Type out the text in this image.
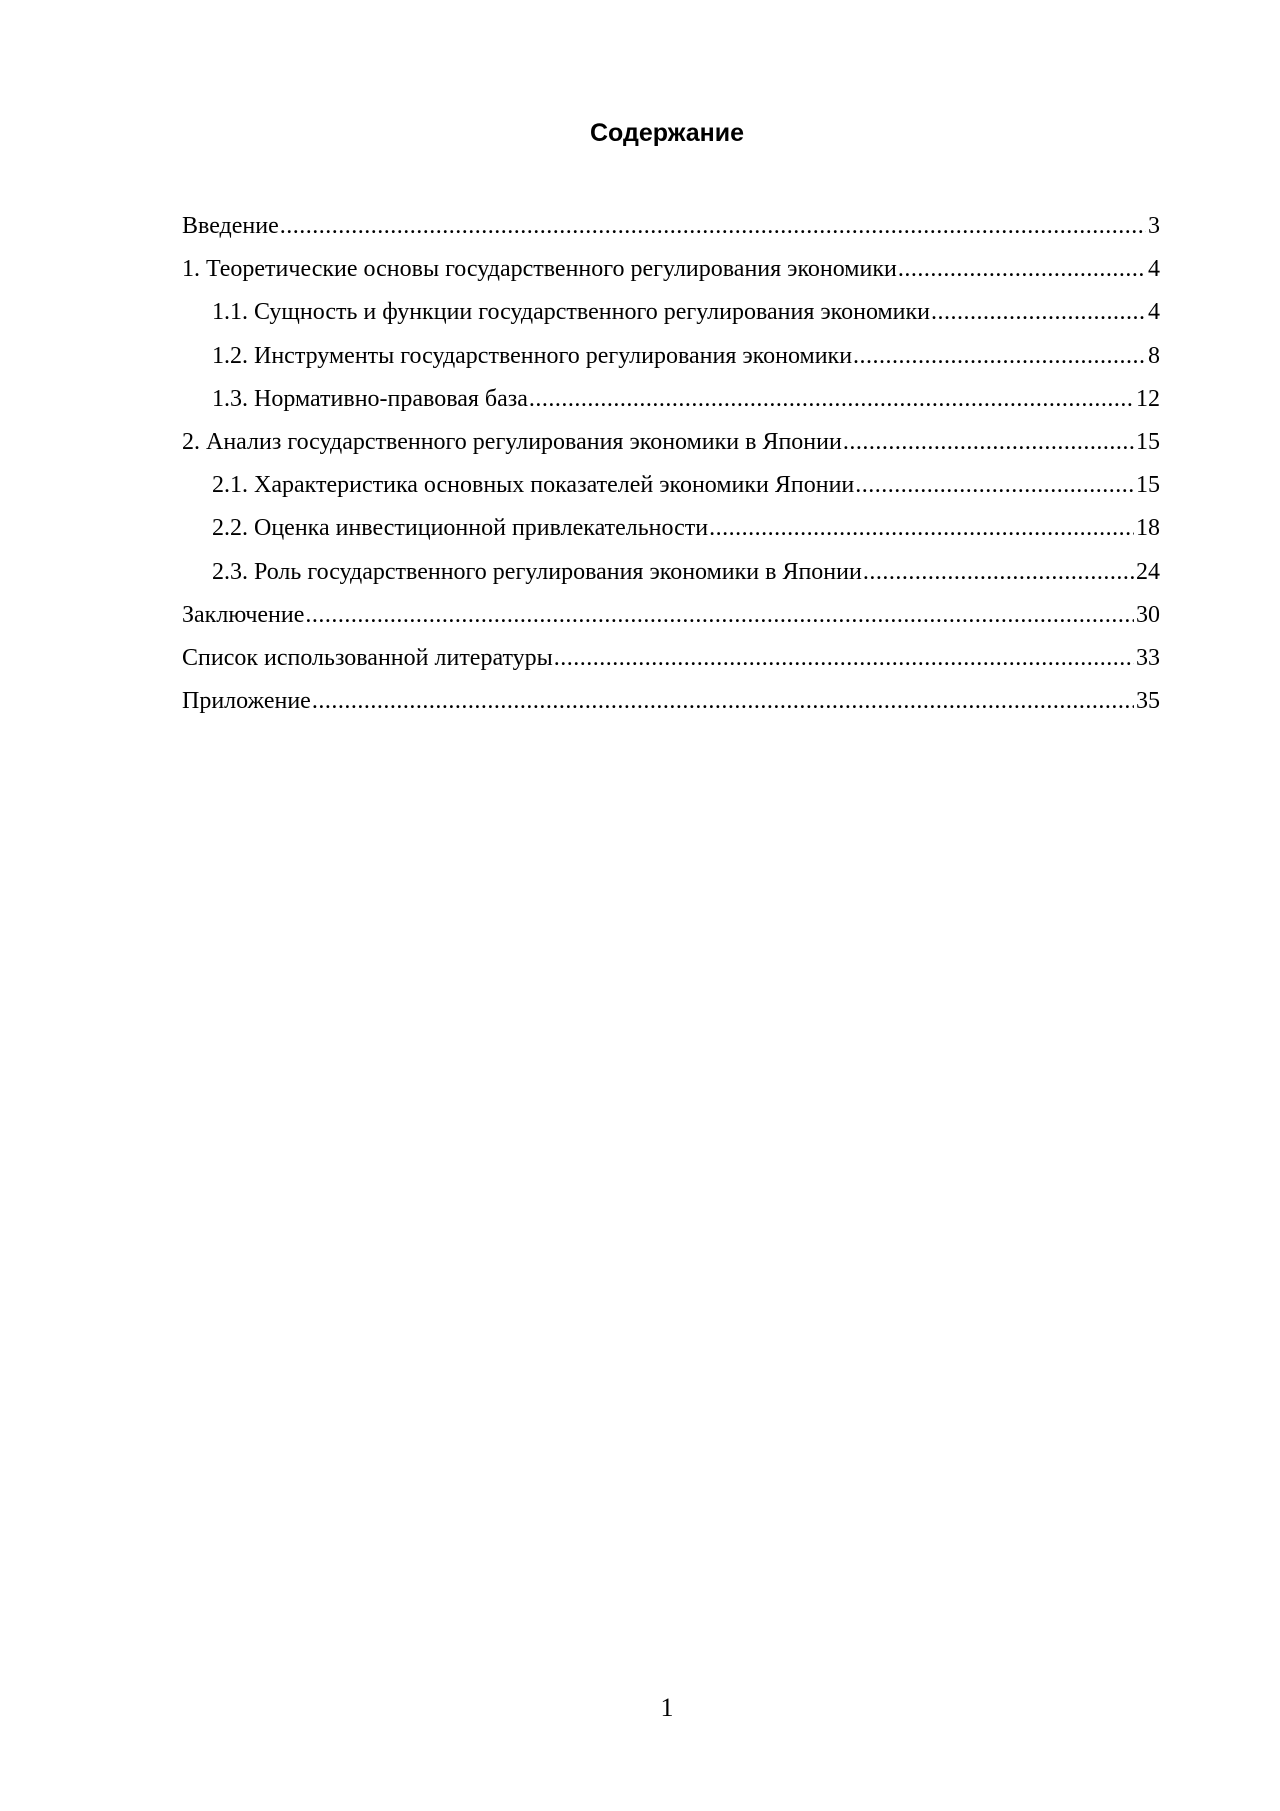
Содержание
Введение .....	3
1. Теоретические основы государственного регулирования экономики .....	4
1.1. Сущность и функции государственного регулирования экономики .....	4
1.2. Инструменты государственного регулирования экономики .....	8
1.3. Нормативно-правовая база .....	12
2. Анализ государственного регулирования экономики в Японии .....	15
2.1. Характеристика основных показателей экономики Японии .....	15
2.2. Оценка инвестиционной привлекательности .....	18
2.3. Роль государственного регулирования экономики в Японии .....	24
Заключение .....	30
Список использованной литературы .....	33
Приложение .....	35
1
